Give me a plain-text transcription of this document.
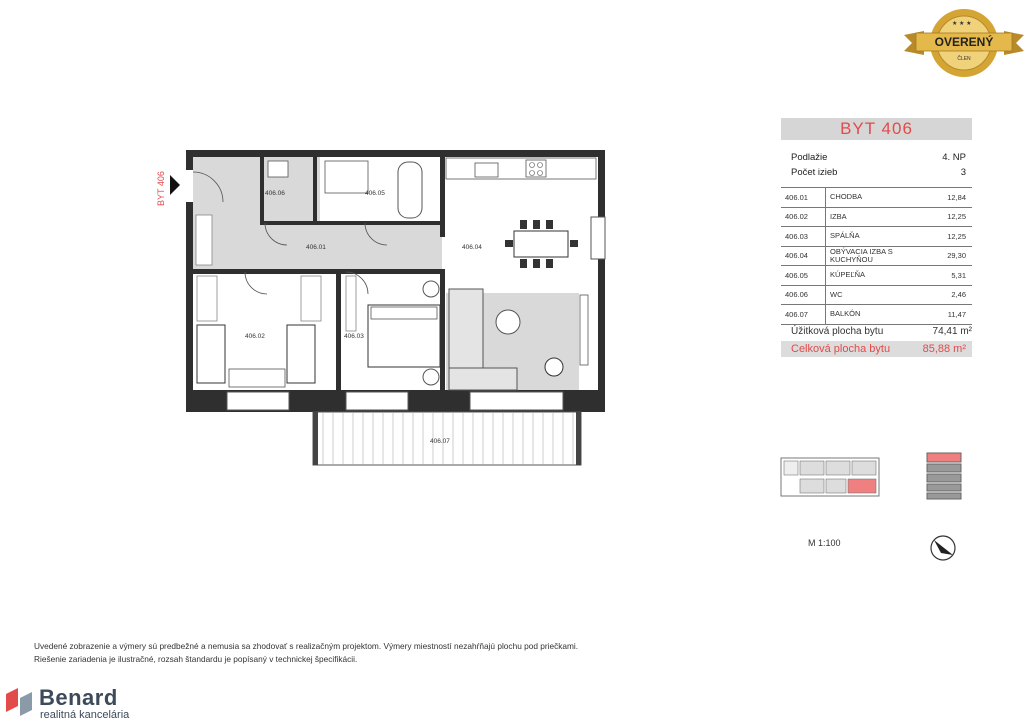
406.06	406.05
406.01	406.04
406.02	406.03
406.07
BYT 406
OVERENÝ
ČLEN
★ ★ ★
BYT 406
Podlažie	4. NP
Počet izieb	3
406.01	CHODBA	12,84
406.02	IZBA	12,25
406.03	SPÁLŇA	12,25
406.04	OBÝVACIA IZBA S KUCHYŇOU	29,30
406.05	KÚPEĽŇA	5,31
406.06	WC	2,46
406.07	BALKÓN	11,47
Úžitková plocha bytu	74,41 m²
Celková plocha bytu	85,88 m²
M 1:100
Uvedené zobrazenie a výmery sú predbežné a nemusia sa zhodovať s realizačným projektom. Výmery miestností nezahŕňajú plochu pod priečkami.
Riešenie zariadenia je ilustračné, rozsah štandardu je popísaný v technickej špecifikácii.
Benard
realitná kancelária
